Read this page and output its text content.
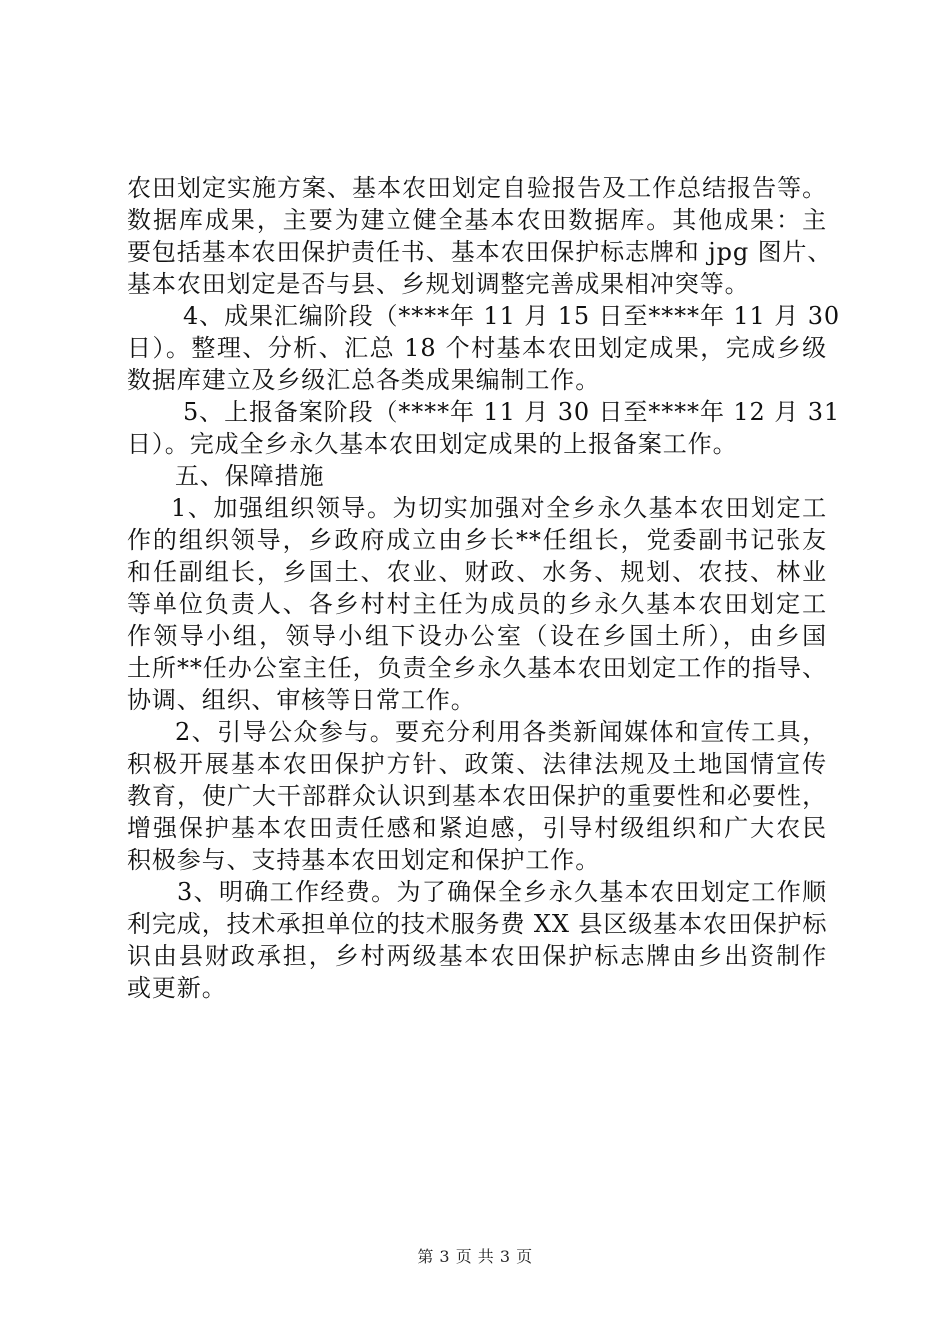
农田划定实施方案、基本农田划定自验报告及工作总结报告等。
数据库成果，主要为建立健全基本农田数据库。其他成果：主
要包括基本农田保护责任书、基本农田保护标志牌和 jpg 图片、
基本农田划定是否与县、乡规划调整完善成果相冲突等。
4、成果汇编阶段（****年 11 月 15 日至****年 11 月 30
日）。整理、分析、汇总 18 个村基本农田划定成果，完成乡级
数据库建立及乡级汇总各类成果编制工作。
5、上报备案阶段（****年 11 月 30 日至****年 12 月 31
日）。完成全乡永久基本农田划定成果的上报备案工作。
五、保障措施
1、加强组织领导。为切实加强对全乡永久基本农田划定工
作的组织领导，乡政府成立由乡长**任组长，党委副书记张友
和任副组长，乡国土、农业、财政、水务、规划、农技、林业
等单位负责人、各乡村村主任为成员的乡永久基本农田划定工
作领导小组，领导小组下设办公室（设在乡国土所），由乡国
土所**任办公室主任，负责全乡永久基本农田划定工作的指导、
协调、组织、审核等日常工作。
2、引导公众参与。要充分利用各类新闻媒体和宣传工具，
积极开展基本农田保护方针、政策、法律法规及土地国情宣传
教育，使广大干部群众认识到基本农田保护的重要性和必要性，
增强保护基本农田责任感和紧迫感，引导村级组织和广大农民
积极参与、支持基本农田划定和保护工作。
3、明确工作经费。为了确保全乡永久基本农田划定工作顺
利完成，技术承担单位的技术服务费 XX 县区级基本农田保护标
识由县财政承担，乡村两级基本农田保护标志牌由乡出资制作
或更新。
第 3 页 共 3 页
